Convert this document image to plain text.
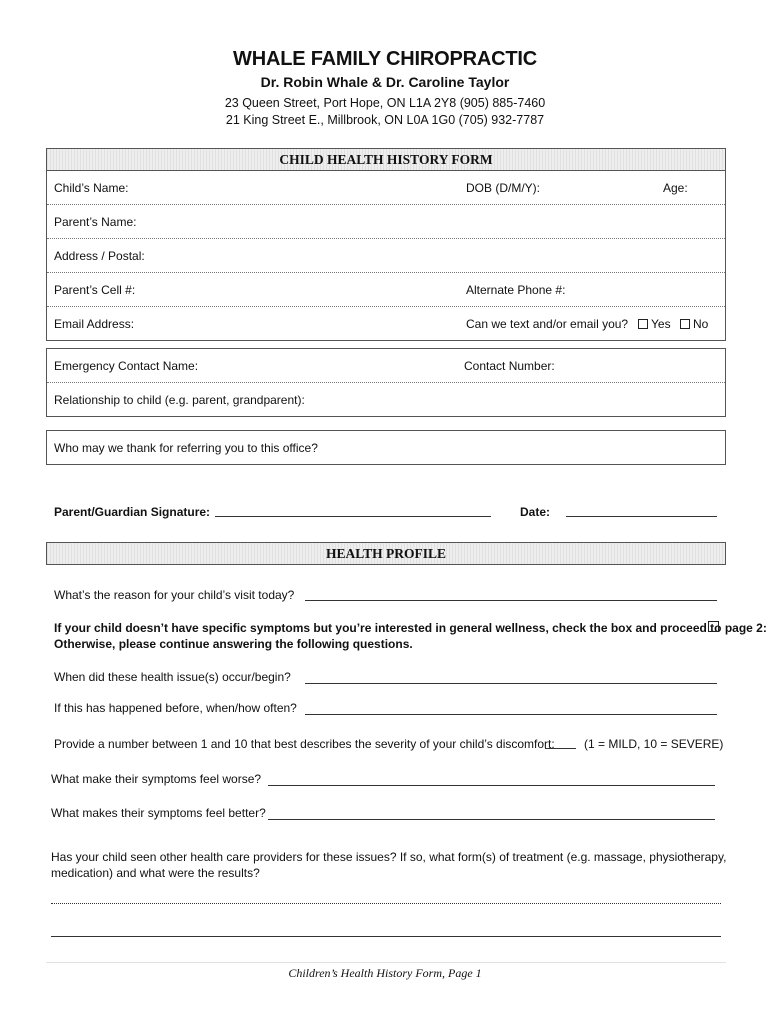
WHALE FAMILY CHIROPRACTIC
Dr. Robin Whale & Dr. Caroline Taylor
23 Queen Street, Port Hope, ON L1A 2Y8 (905) 885-7460
21 King Street E., Millbrook, ON L0A 1G0 (705) 932-7787
CHILD HEALTH HISTORY FORM
Child’s Name:	DOB (D/M/Y):	Age:
Parent’s Name:
Address / Postal:
Parent’s Cell #:	Alternate Phone #:
Email Address:	Can we text and/or email you?	Yes	No
Emergency Contact Name:	Contact Number:
Relationship to child (e.g. parent, grandparent):
Who may we thank for referring you to this office?
Parent/Guardian Signature:	Date:
HEALTH PROFILE
What’s the reason for your child’s visit today?
If your child doesn’t have specific symptoms but you’re interested in general wellness, check the box and proceed to page 2:
Otherwise, please continue answering the following questions.
When did these health issue(s) occur/begin?
If this has happened before, when/how often?
Provide a number between 1 and 10 that best describes the severity of your child’s discomfort: (1 = MILD, 10 = SEVERE)
What make their symptoms feel worse?
What makes their symptoms feel better?
Has your child seen other health care providers for these issues? If so, what form(s) of treatment (e.g. massage, physiotherapy,
medication) and what were the results?
Children’s Health History Form, Page 1
